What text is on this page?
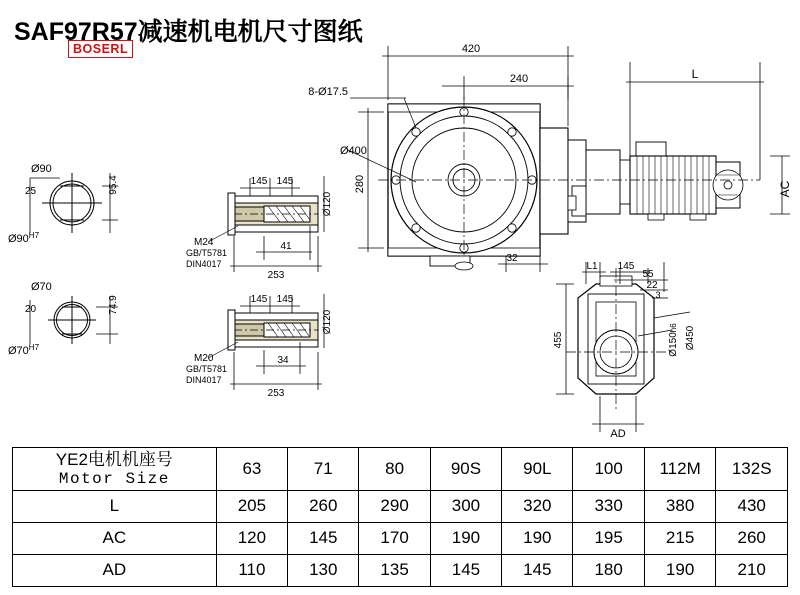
SAF97R57减速机电机尺寸图纸
BOSERL	420
240
8-Ø17.5
Ø400
280
L
AC
32
Ø90
25	95.4
$Ø90^{H7}$
Ø70
20	74.9
$Ø70^{H7}$
145 145
Ø120
M24
GB/T5781
DIN4017
41
253
145 145
Ø120
M20
GB/T5781
DIN4017
34
253
L1 145
55
22
3
455	Ø150h6 Ø450
AD
YE2电机机座号
Motor Size	63	71	80	90S	90L	100	112M	132S
L	205	260	290	300	320	330	380	430
AC	120	145	170	190	190	195	215	260
AD	110	130	135	145	145	180	190	210
